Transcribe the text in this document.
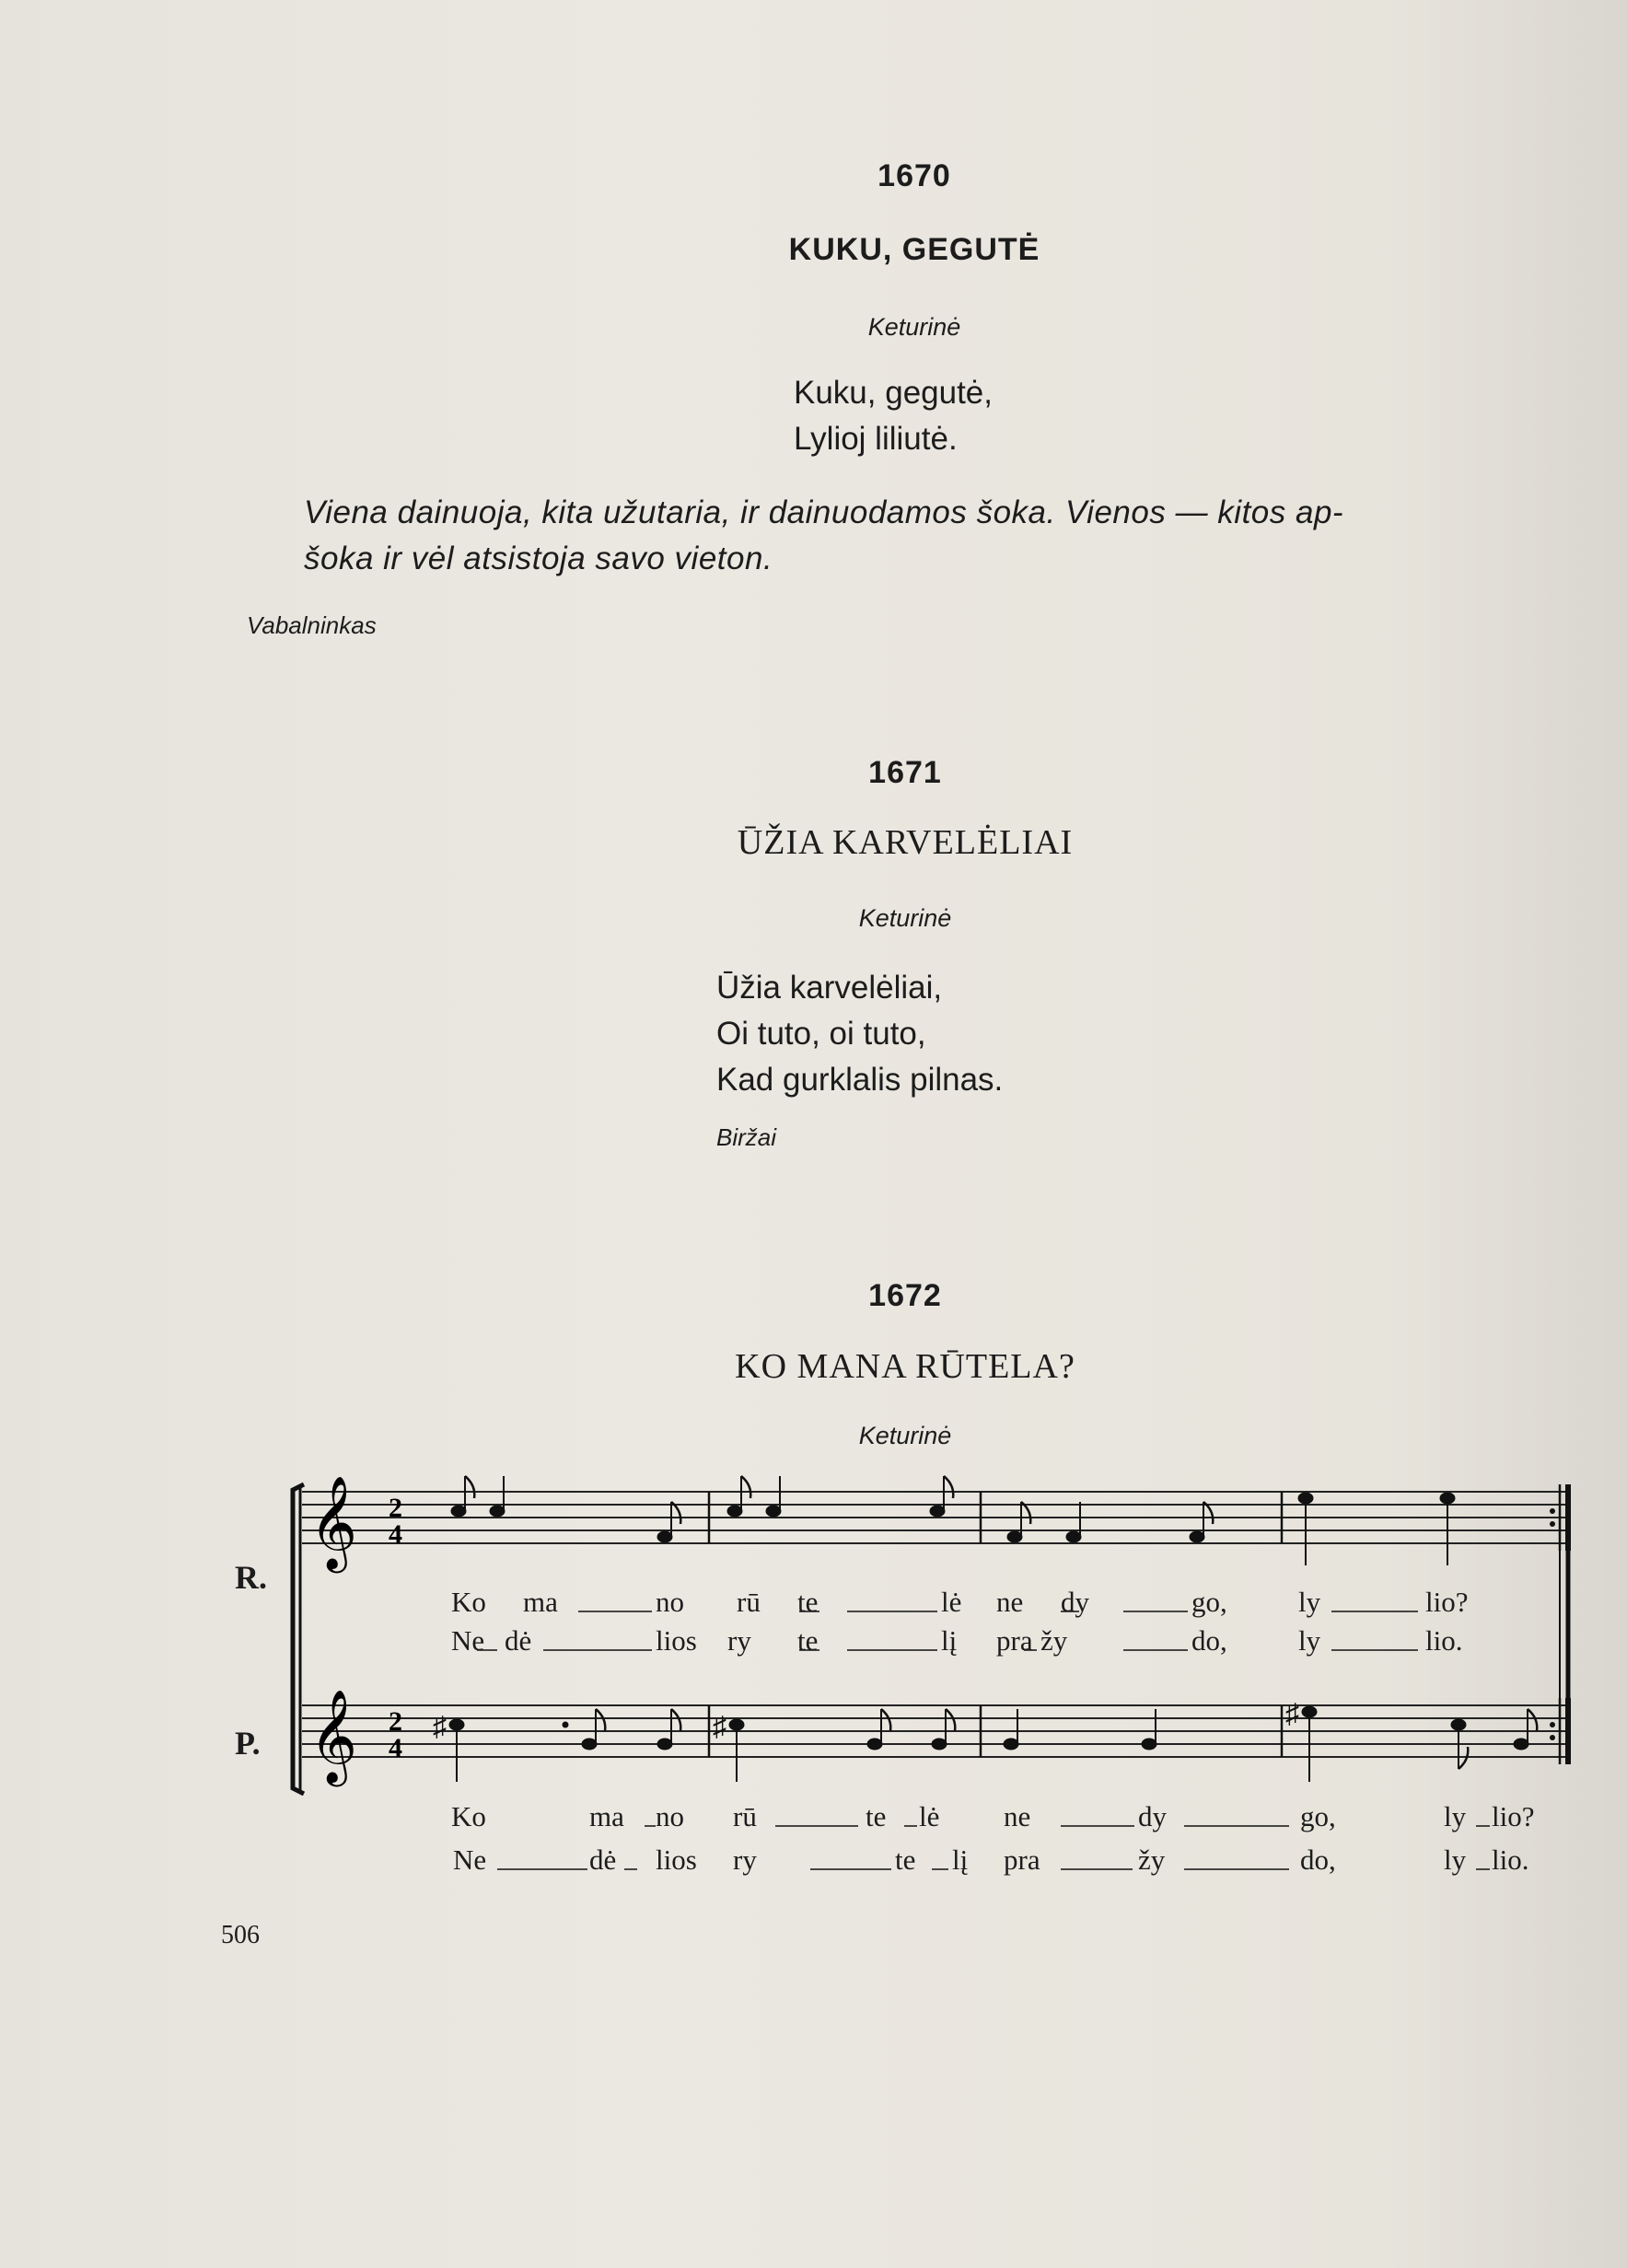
1670
KUKU, GEGUTĖ
Keturinė
Kuku, gegutė,
Lylioj liliutė.
Viena dainuoja, kita užutaria, ir dainuodamos šoka. Vienos — kitos ap-
šoka ir vėl atsistoja savo vieton.
Vabalninkas
1671
ŪŽIA KARVELĖLIAI
Keturinė
Ūžia karvelėliai,
Oi tuto, oi tuto,
Kad gurklalis pilnas.
Biržai
1672
KO MANA RŪTELA?
Keturinė
R.
P.
𝄞
𝄞
2
4
2
4
♯	♯	♯
Ko ma	no rū te	lė ne dy	go, ly	lio?
Ne dė	lios ry te	lį pra žy	do, ly	lio.
Ko	ma no rū	te lė ne	dy	go,	ly lio?
Ne	dė lios ry	te lį pra	žy	do,	ly lio.
506
